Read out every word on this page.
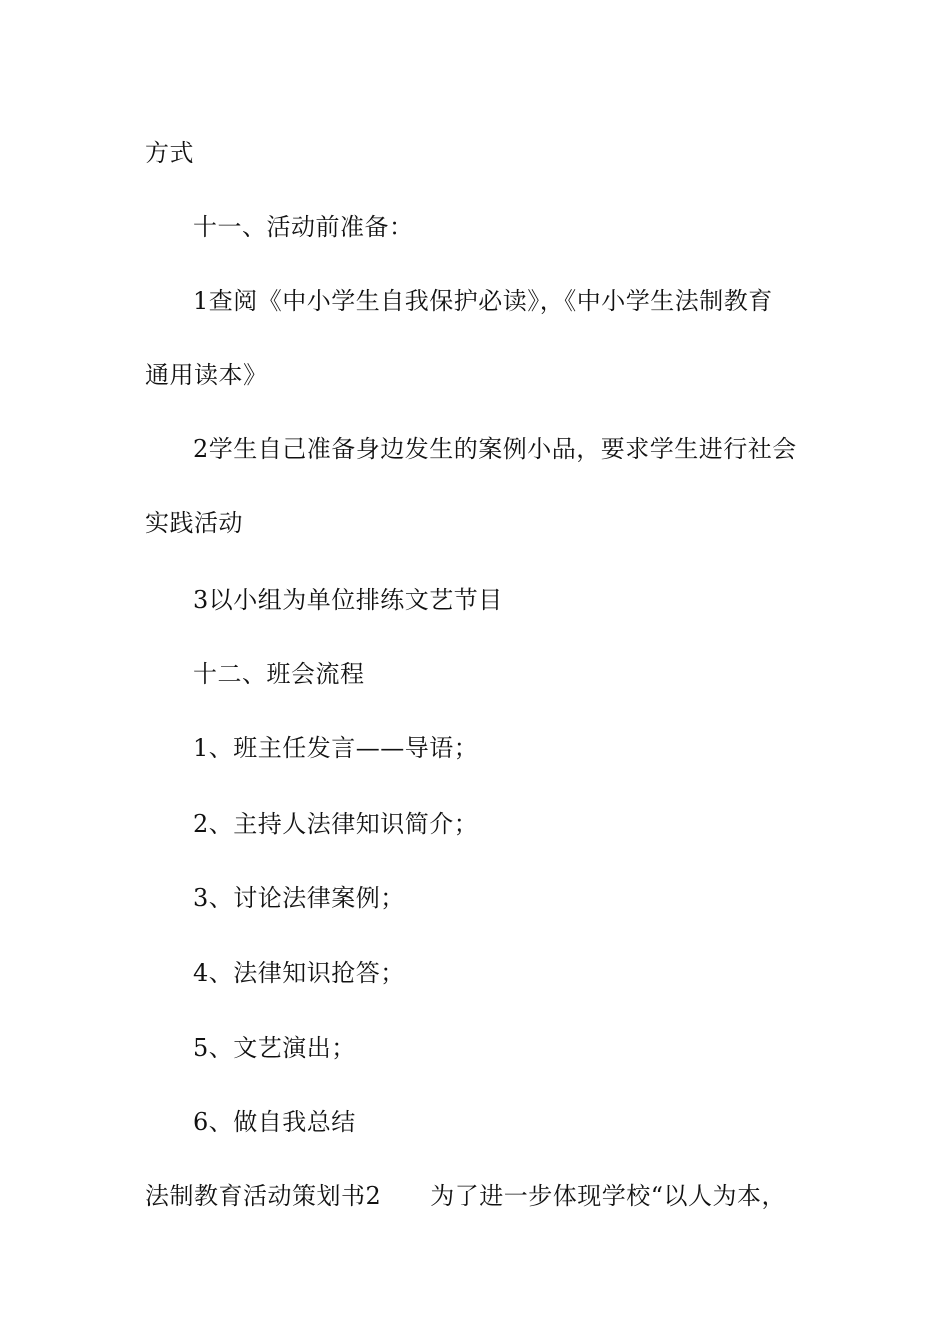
方式
十一、活动前准备：
1查阅《中小学生自我保护必读》，《中小学生法制教育
通用读本》
2学生自己准备身边发生的案例小品，要求学生进行社会
实践活动
3以小组为单位排练文艺节目
十二、班会流程
1、班主任发言——导语；
2、主持人法律知识简介；
3、讨论法律案例；
4、法律知识抢答；
5、文艺演出；
6、做自我总结
法制教育活动策划书2　　为了进一步体现学校“以人为本，
